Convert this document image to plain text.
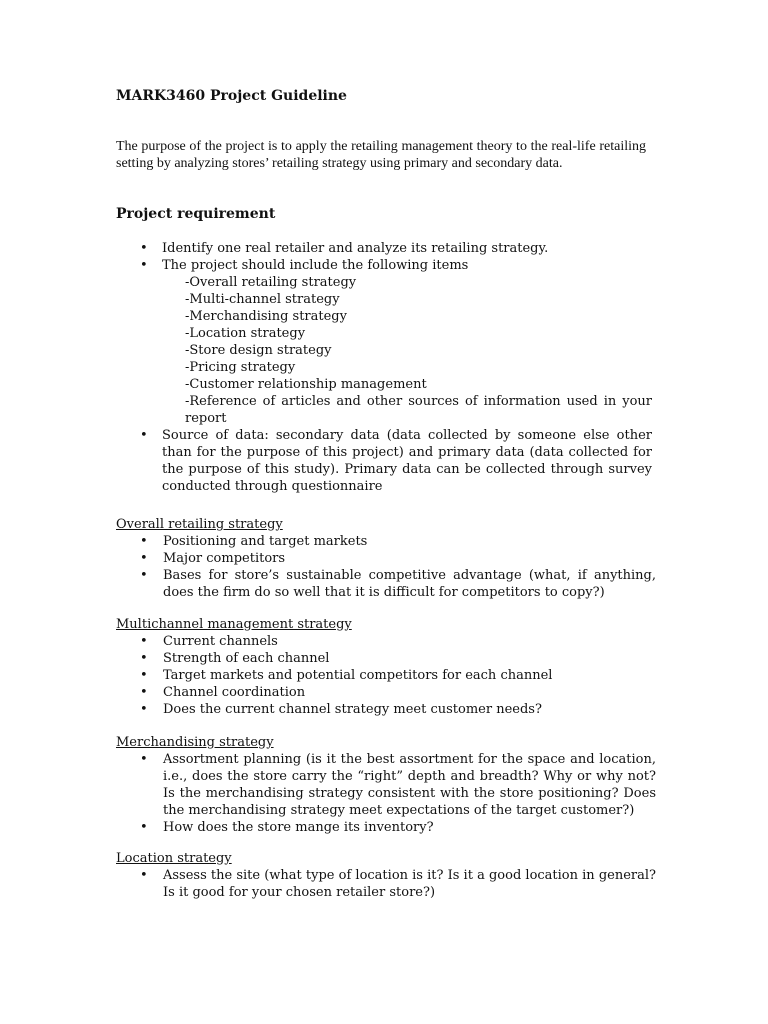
MARK3460 Project Guideline
The purpose of the project is to apply the retailing management theory to the real-life retailing setting by analyzing stores’ retailing strategy using primary and secondary data.
Project requirement
• Identify one real retailer and analyze its retailing strategy.
• The project should include the following items
-Overall retailing strategy
-Multi-channel strategy
-Merchandising strategy
-Location strategy
-Store design strategy
-Pricing strategy
-Customer relationship management
-Reference of articles and other sources of information used in your report
• Source of data: secondary data (data collected by someone else other than for the purpose of this project) and primary data (data collected for the purpose of this study). Primary data can be collected through survey conducted through questionnaire
Overall retailing strategy
• Positioning and target markets
• Major competitors
• Bases for store’s sustainable competitive advantage (what, if anything, does the firm do so well that it is difficult for competitors to copy?)
Multichannel management strategy
• Current channels
• Strength of each channel
• Target markets and potential competitors for each channel
• Channel coordination
• Does the current channel strategy meet customer needs?
Merchandising strategy
• Assortment planning (is it the best assortment for the space and location, i.e., does the store carry the “right” depth and breadth? Why or why not? Is the merchandising strategy consistent with the store positioning? Does the merchandising strategy meet expectations of the target customer?)
• How does the store mange its inventory?
Location strategy
• Assess the site (what type of location is it? Is it a good location in general? Is it good for your chosen retailer store?)
